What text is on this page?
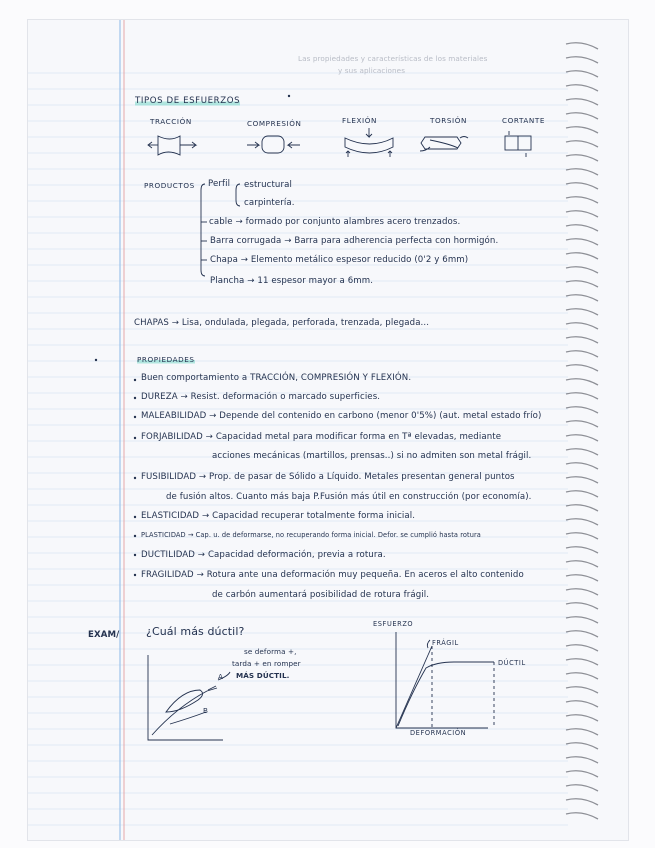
Las propiedades y características de los materiales
y sus aplicaciones
TIPOS DE ESFUERZOS
TRACCIÓN	COMPRESIÓN	FLEXIÓN	TORSIÓN	CORTANTE
PRODUCTOS Perfil estructural
carpintería.
cable → formado por conjunto alambres acero trenzados.
Barra corrugada → Barra para adherencia perfecta con hormigón.
Chapa → Elemento metálico espesor reducido (0'2 y 6mm)
Plancha → 11 espesor mayor a 6mm.
CHAPAS → Lisa, ondulada, plegada, perforada, trenzada, plegada...
PROPIEDADES
Buen comportamiento a TRACCIÓN, COMPRESIÓN Y FLEXIÓN.
DUREZA → Resist. deformación o marcado superficies.
MALEABILIDAD → Depende del contenido en carbono (menor 0'5%) (aut. metal estado frío)
FORJABILIDAD → Capacidad metal para modificar forma en Tª elevadas, mediante
acciones mecánicas (martillos, prensas..) si no admiten son metal frágil.
FUSIBILIDAD → Prop. de pasar de Sólido a Líquido. Metales presentan general puntos
de fusión altos. Cuanto más baja P.Fusión más útil en construcción (por economía).
ELASTICIDAD → Capacidad recuperar totalmente forma inicial.
PLASTICIDAD → Cap. u. de deformarse, no recuperando forma inicial. Defor. se cumplió hasta rotura
DUCTILIDAD → Capacidad deformación, previa a rotura.
FRAGILIDAD → Rotura ante una deformación muy pequeña. En aceros el alto contenido
de carbón aumentará posibilidad de rotura frágil.
EXAM/ ¿Cuál más dúctil?
se deforma +,
tarda + en romper
MÁS DÚCTIL.
A
B
ESFUERZO
FRÁGIL
DÚCTIL
DEFORMACIÓN
